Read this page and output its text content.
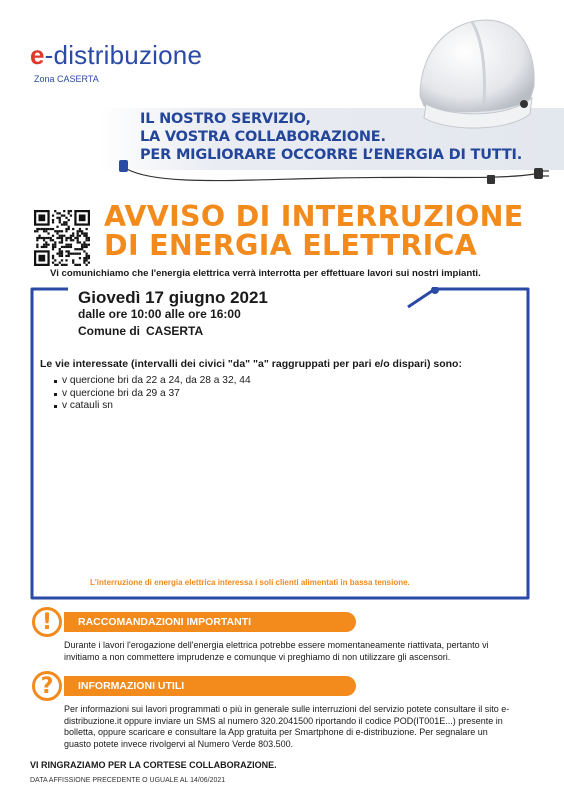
e-distribuzione
Zona CASERTA
IL NOSTRO SERVIZIO,
LA VOSTRA COLLABORAZIONE.
PER MIGLIORARE OCCORRE L’ENERGIA DI TUTTI.
AVVISO DI INTERRUZIONE
DI ENERGIA ELETTRICA
Vi comunichiamo che l'energia elettrica verrà interrotta per effettuare lavori sui nostri impianti.
Giovedì 17 giugno 2021
dalle ore 10:00 alle ore 16:00
Comune di CASERTA
Le vie interessate (intervalli dei civici "da" "a" raggruppati per pari e/o dispari) sono:
v quercione bri da 22 a 24, da 28 a 32, 44
v quercione bri da 29 a 37
v catauli sn
L'interruzione di energia elettrica interessa i soli clienti alimentati in bassa tensione.
RACCOMANDAZIONI IMPORTANTI
!
Durante i lavori l'erogazione dell'energia elettrica potrebbe essere momentaneamente riattivata, pertanto vi invitiamo a non commettere imprudenze e comunque vi preghiamo di non utilizzare gli ascensori.
INFORMAZIONI UTILI
?
Per informazioni sui lavori programmati o più in generale sulle interruzioni del servizio potete consultare il sito e-distribuzione.it oppure inviare un SMS al numero 320.2041500 riportando il codice POD(IT001E...) presente in bolletta, oppure scaricare e consultare la App gratuita per Smartphone di e-distribuzione. Per segnalare un guasto potete invece rivolgervi al Numero Verde 803.500.
VI RINGRAZIAMO PER LA CORTESE COLLABORAZIONE.
DATA AFFISSIONE PRECEDENTE O UGUALE AL 14/06/2021
